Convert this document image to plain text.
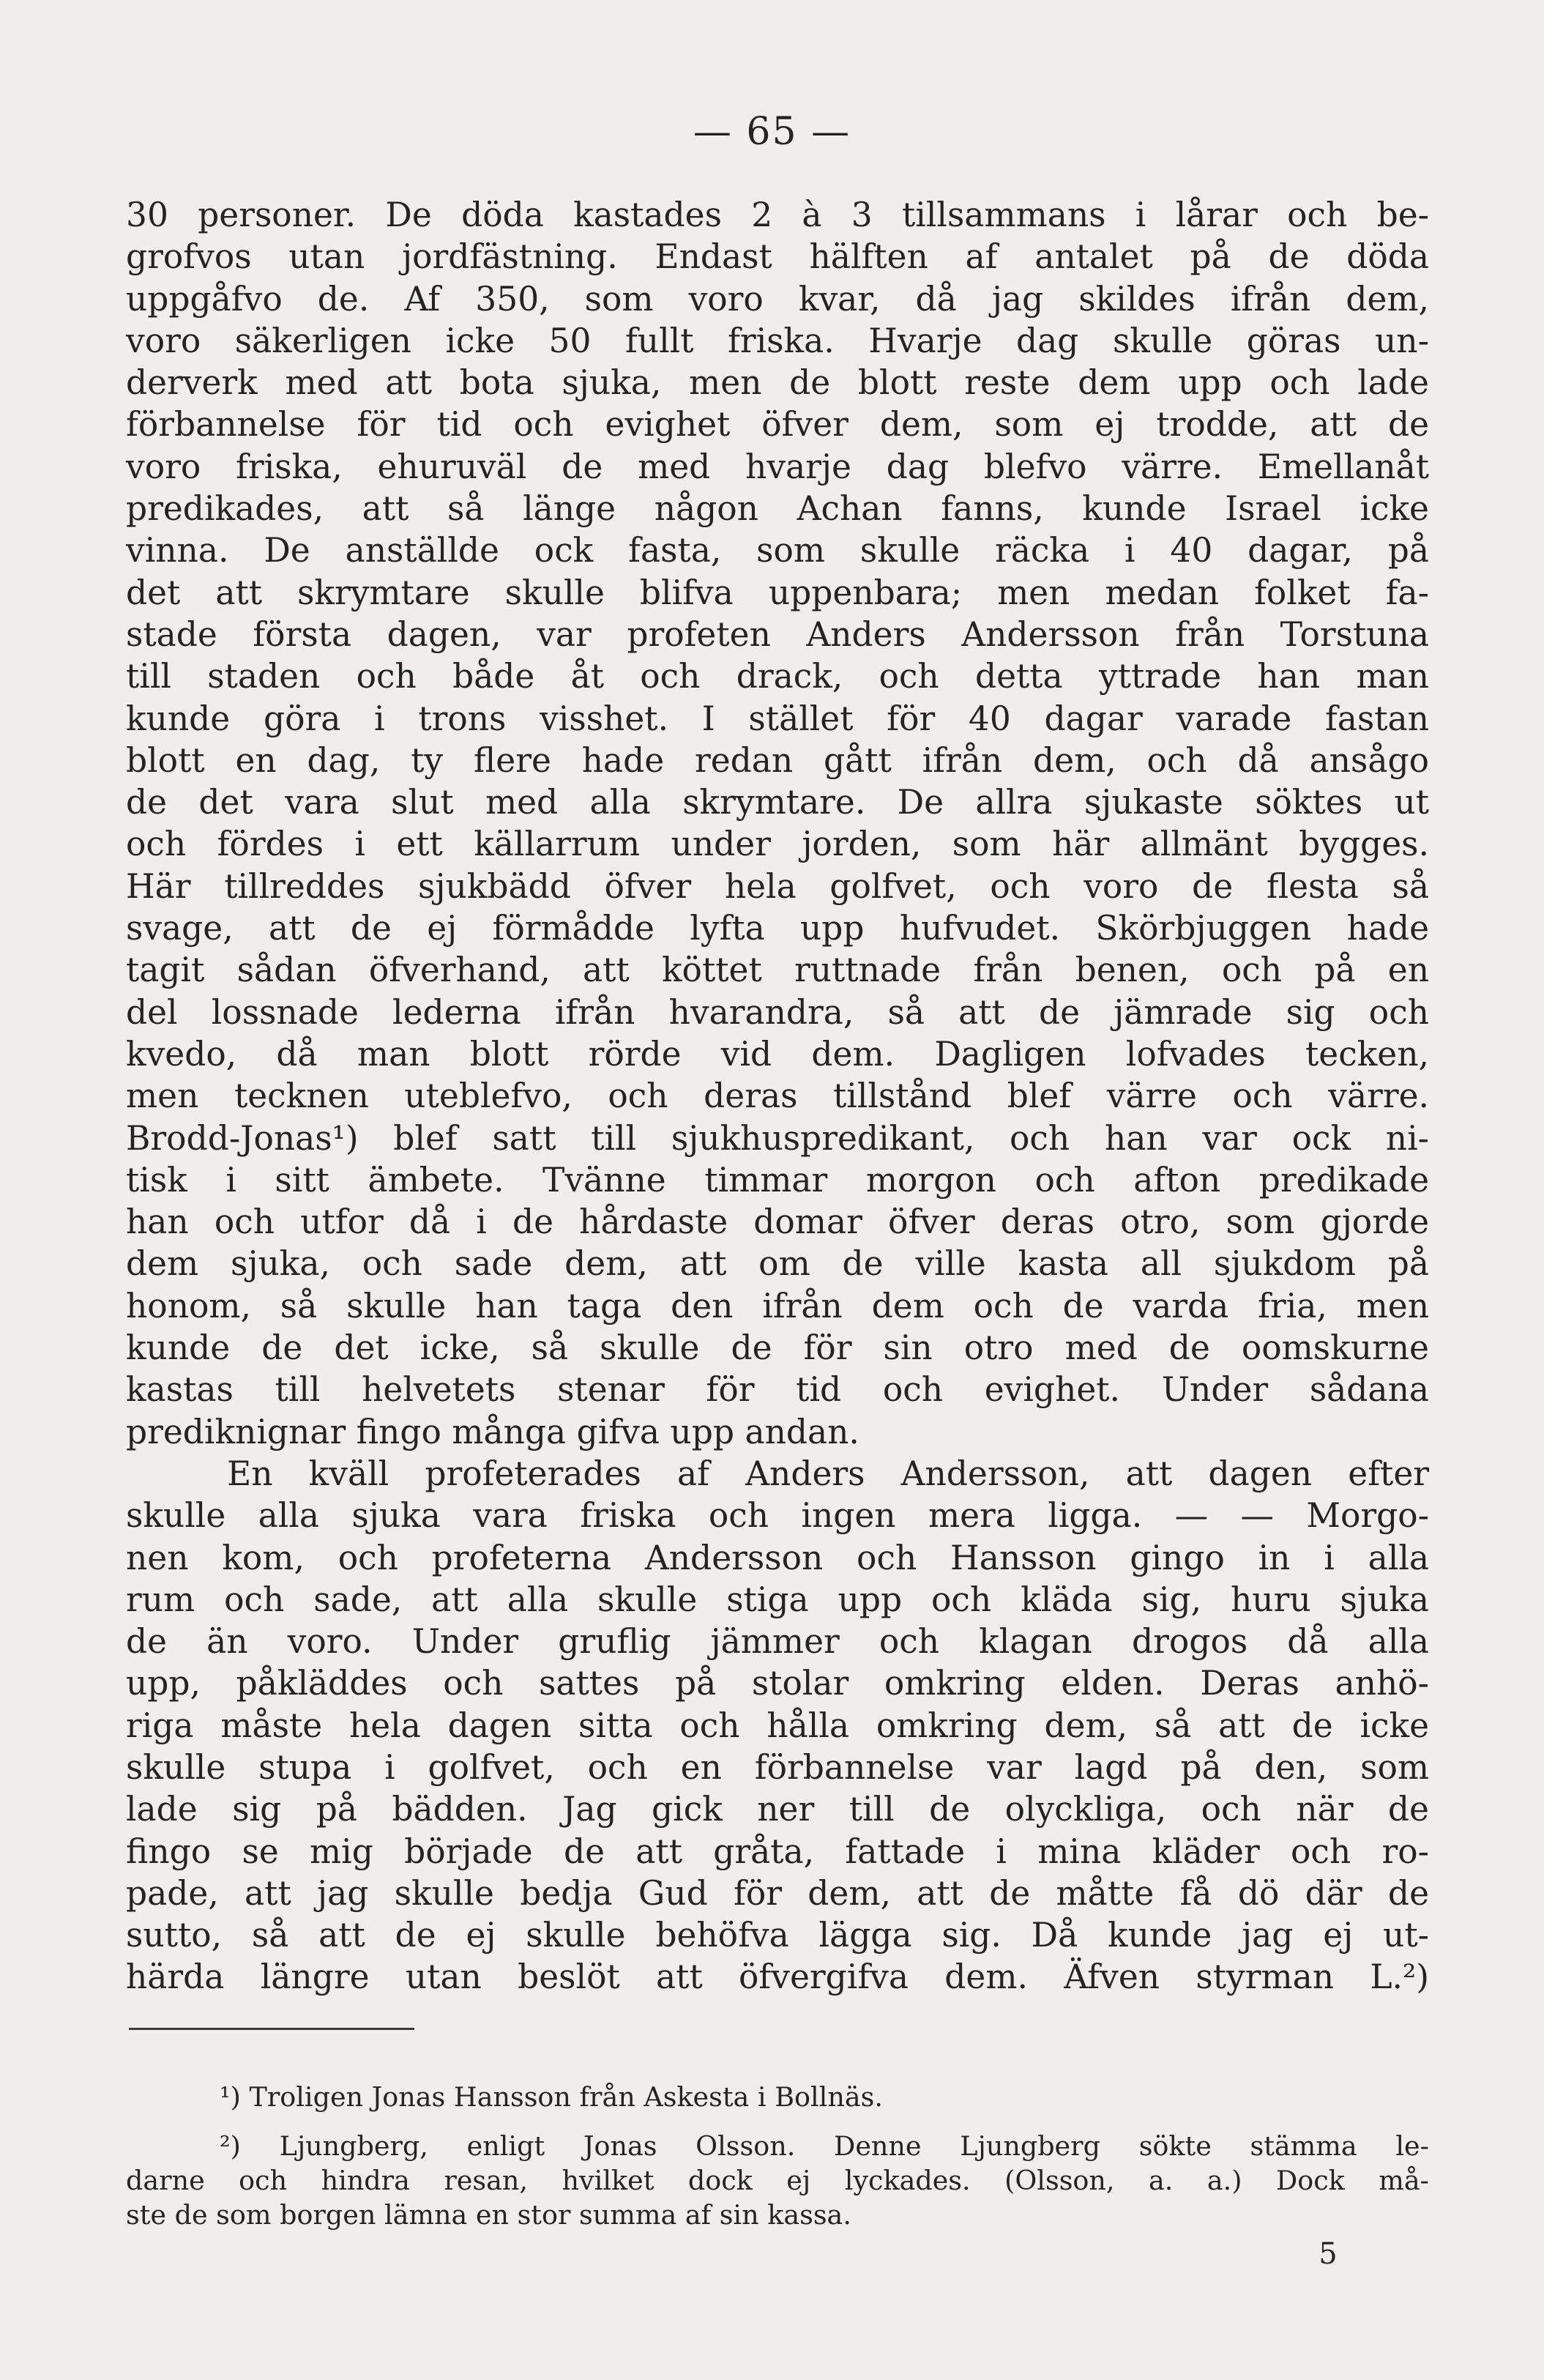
— 65 —
30 personer. De döda kastades 2 à 3 tillsammans i lårar och be-
grofvos utan jordfästning. Endast hälften af antalet på de döda
uppgåfvo de. Af 350, som voro kvar, då jag skildes ifrån dem,
voro säkerligen icke 50 fullt friska. Hvarje dag skulle göras un-
derverk med att bota sjuka, men de blott reste dem upp och lade
förbannelse för tid och evighet öfver dem, som ej trodde, att de
voro friska, ehuruväl de med hvarje dag blefvo värre. Emellanåt
predikades, att så länge någon Achan fanns, kunde Israel icke
vinna. De anställde ock fasta, som skulle räcka i 40 dagar, på
det att skrymtare skulle blifva uppenbara; men medan folket fa-
stade första dagen, var profeten Anders Andersson från Torstuna
till staden och både åt och drack, och detta yttrade han man
kunde göra i trons visshet. I stället för 40 dagar varade fastan
blott en dag, ty flere hade redan gått ifrån dem, och då ansågo
de det vara slut med alla skrymtare. De allra sjukaste söktes ut
och fördes i ett källarrum under jorden, som här allmänt bygges.
Här tillreddes sjukbädd öfver hela golfvet, och voro de flesta så
svage, att de ej förmådde lyfta upp hufvudet. Skörbjuggen hade
tagit sådan öfverhand, att köttet ruttnade från benen, och på en
del lossnade lederna ifrån hvarandra, så att de jämrade sig och
kvedo, då man blott rörde vid dem. Dagligen lofvades tecken,
men tecknen uteblefvo, och deras tillstånd blef värre och värre.
Brodd-Jonas¹) blef satt till sjukhuspredikant, och han var ock ni-
tisk i sitt ämbete. Tvänne timmar morgon och afton predikade
han och utfor då i de hårdaste domar öfver deras otro, som gjorde
dem sjuka, och sade dem, att om de ville kasta all sjukdom på
honom, så skulle han taga den ifrån dem och de varda fria, men
kunde de det icke, så skulle de för sin otro med de oomskurne
kastas till helvetets stenar för tid och evighet. Under sådana
prediknignar fingo många gifva upp andan.
En kväll profeterades af Anders Andersson, att dagen efter
skulle alla sjuka vara friska och ingen mera ligga. — — Morgo-
nen kom, och profeterna Andersson och Hansson gingo in i alla
rum och sade, att alla skulle stiga upp och kläda sig, huru sjuka
de än voro. Under gruflig jämmer och klagan drogos då alla
upp, påkläddes och sattes på stolar omkring elden. Deras anhö-
riga måste hela dagen sitta och hålla omkring dem, så att de icke
skulle stupa i golfvet, och en förbannelse var lagd på den, som
lade sig på bädden. Jag gick ner till de olyckliga, och när de
fingo se mig började de att gråta, fattade i mina kläder och ro-
pade, att jag skulle bedja Gud för dem, att de måtte få dö där de
sutto, så att de ej skulle behöfva lägga sig. Då kunde jag ej ut-
härda längre utan beslöt att öfvergifva dem. Äfven styrman L.²)
¹) Troligen Jonas Hansson från Askesta i Bollnäs.
²) Ljungberg, enligt Jonas Olsson. Denne Ljungberg sökte stämma le-
darne och hindra resan, hvilket dock ej lyckades. (Olsson, a. a.) Dock må-
ste de som borgen lämna en stor summa af sin kassa.
5
